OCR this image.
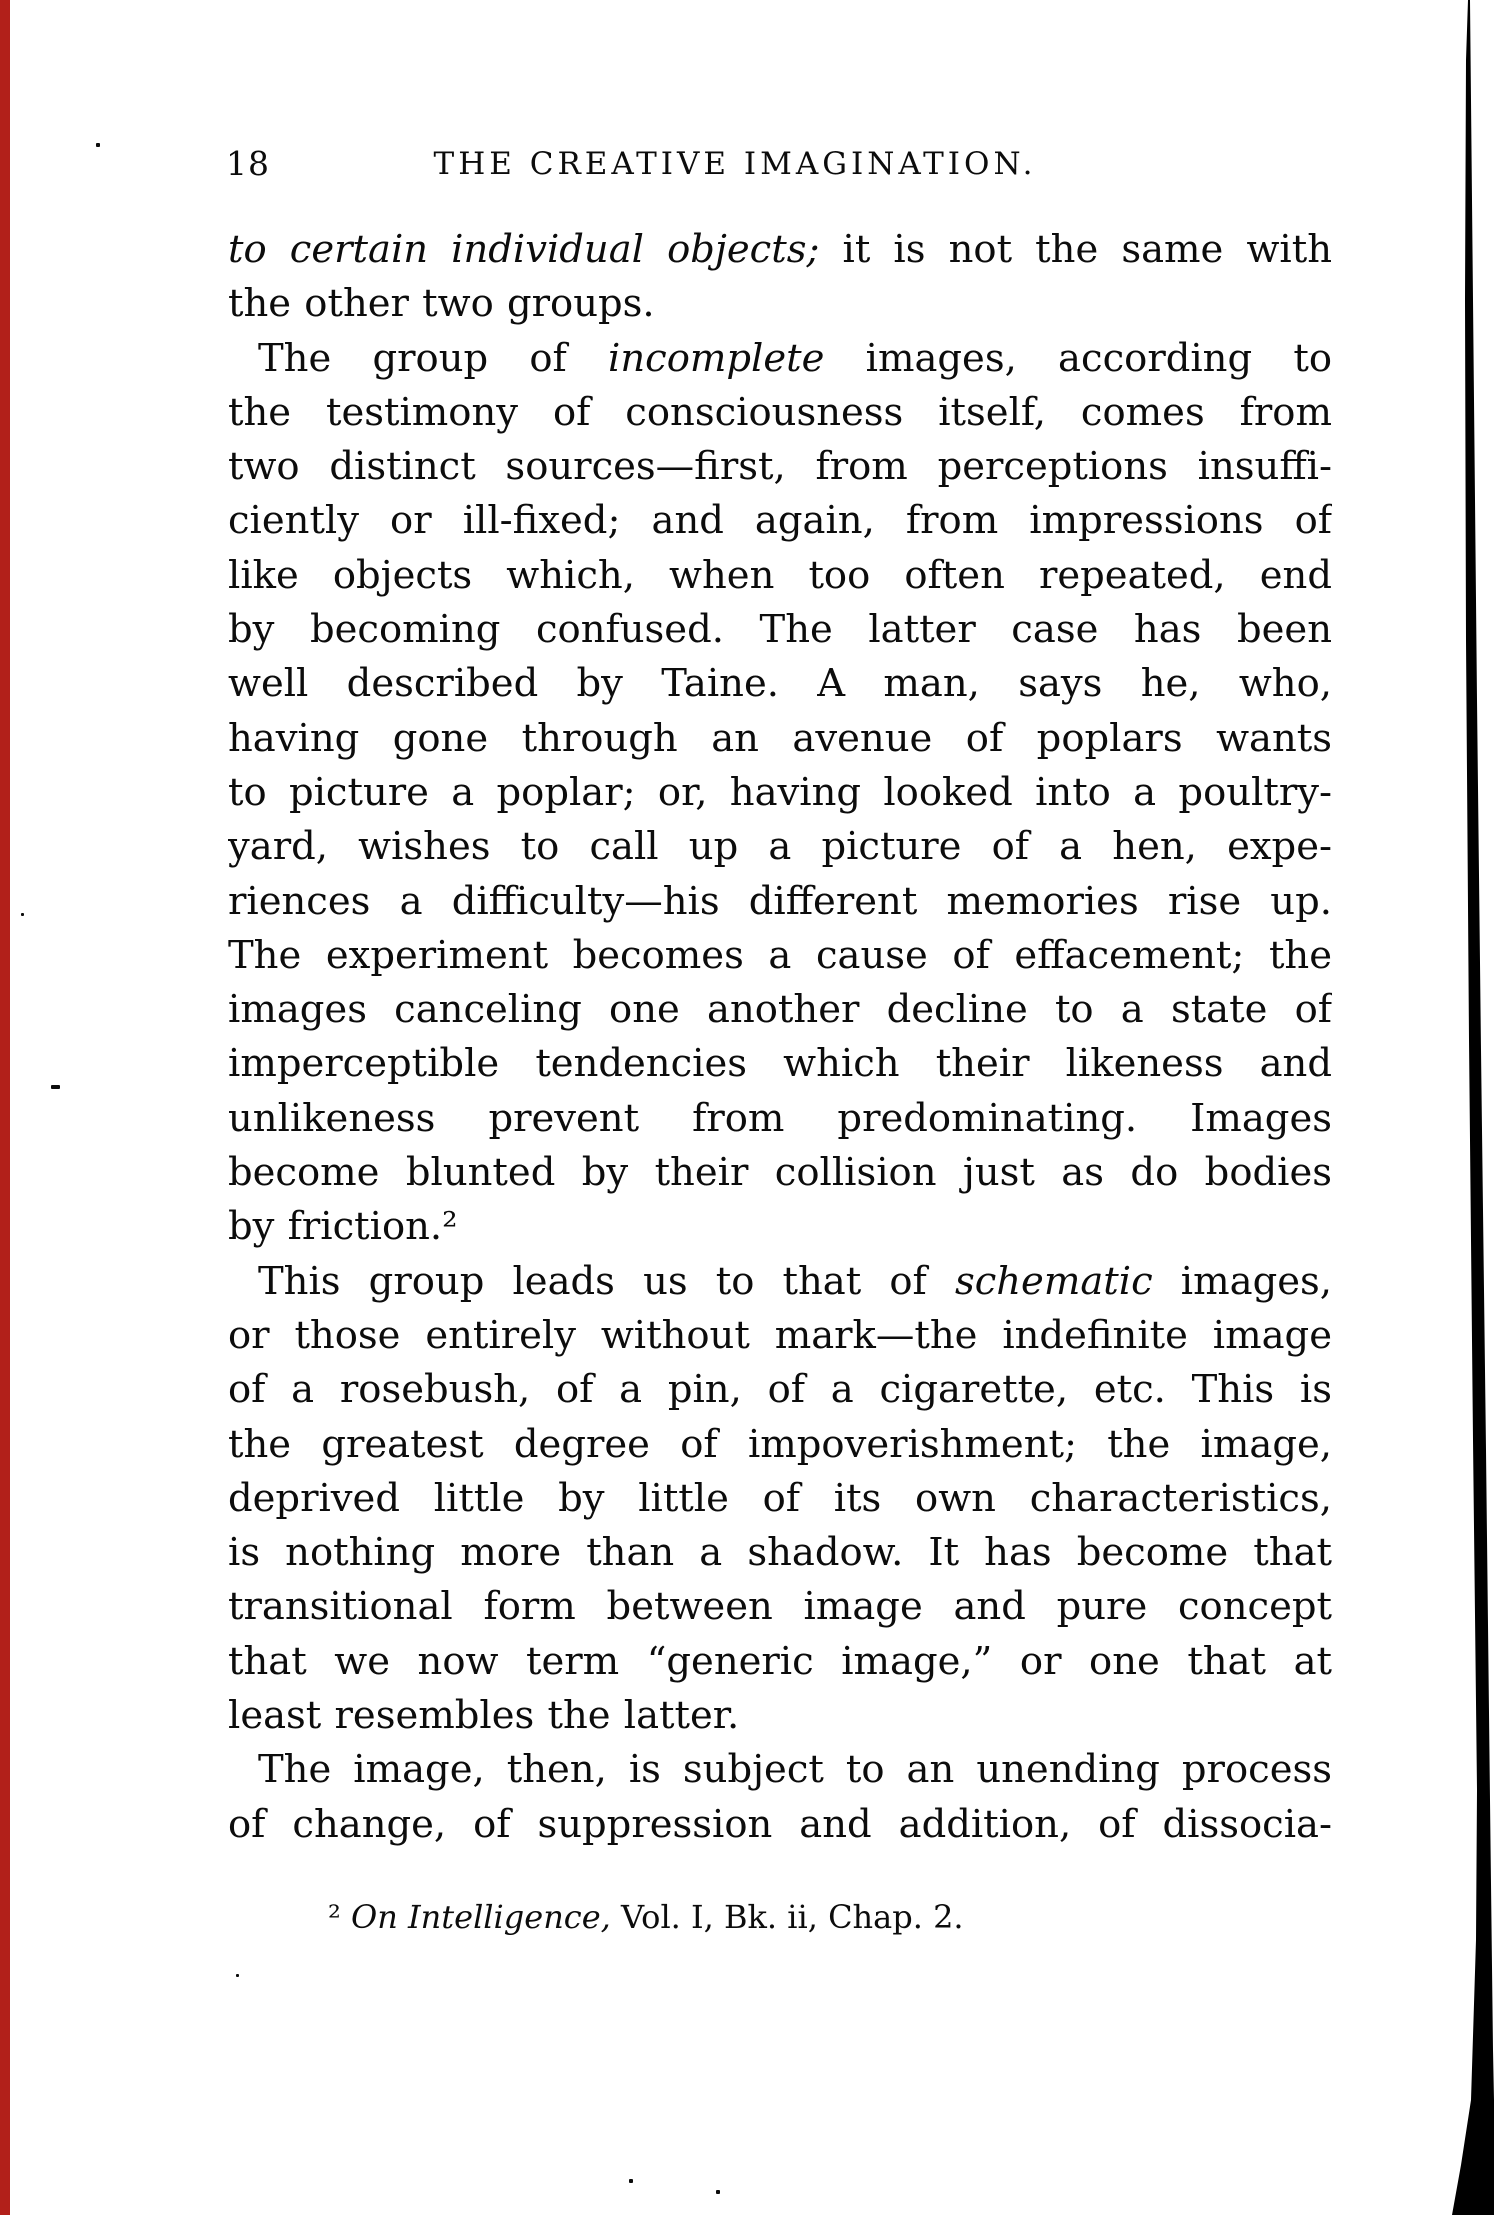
18	THE CREATIVE IMAGINATION.
to certain individual objects; it is not the same with
the other two groups.
The group of incomplete images, according to
the testimony of consciousness itself, comes from
two distinct sources—first, from perceptions insuffi-
ciently or ill-fixed; and again, from impressions of
like objects which, when too often repeated, end
by becoming confused. The latter case has been
well described by Taine. A man, says he, who,
having gone through an avenue of poplars wants
to picture a poplar; or, having looked into a poultry-
yard, wishes to call up a picture of a hen, expe-
riences a difficulty—his different memories rise up.
The experiment becomes a cause of effacement; the
images canceling one another decline to a state of
imperceptible tendencies which their likeness and
unlikeness prevent from predominating. Images
become blunted by their collision just as do bodies
by friction.²
This group leads us to that of schematic images,
or those entirely without mark—the indefinite image
of a rosebush, of a pin, of a cigarette, etc. This is
the greatest degree of impoverishment; the image,
deprived little by little of its own characteristics,
is nothing more than a shadow. It has become that
transitional form between image and pure concept
that we now term “generic image,” or one that at
least resembles the latter.
The image, then, is subject to an unending process
of change, of suppression and addition, of dissocia-
² On Intelligence, Vol. I, Bk. ii, Chap. 2.
